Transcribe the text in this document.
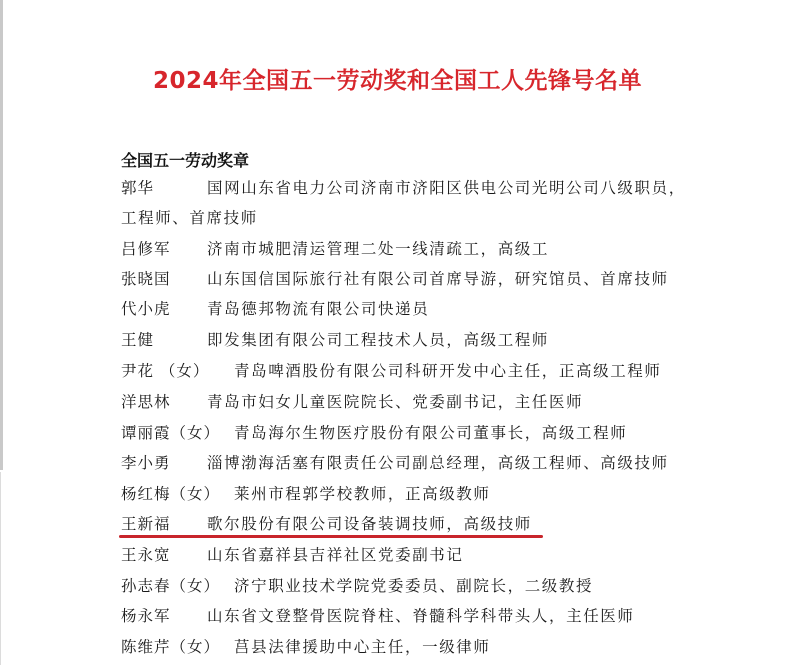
2024年全国五一劳动奖和全国工人先锋号名单
全国五一劳动奖章
郭华	国网山东省电力公司济南市济阳区供电公司光明公司八级职员，
工程师、首席技师
吕修军 济南市城肥清运管理二处一线清疏工，高级工
张晓国 山东国信国际旅行社有限公司首席导游，研究馆员、首席技师
代小虎 青岛德邦物流有限公司快递员
王健	即发集团有限公司工程技术人员，高级工程师
尹花 （女） 青岛啤酒股份有限公司科研开发中心主任，正高级工程师
洋思林 青岛市妇女儿童医院院长、党委副书记，主任医师
谭丽霞（女） 青岛海尔生物医疗股份有限公司董事长，高级工程师
李小勇 淄博渤海活塞有限责任公司副总经理，高级工程师、高级技师
杨红梅（女） 莱州市程郭学校教师，正高级教师
王新福 歌尔股份有限公司设备装调技师，高级技师
王永宽 山东省嘉祥县吉祥社区党委副书记
孙志春（女） 济宁职业技术学院党委委员、副院长，二级教授
杨永军 山东省文登整骨医院脊柱、脊髓科学科带头人，主任医师
陈维芹（女） 莒县法律援助中心主任，一级律师
